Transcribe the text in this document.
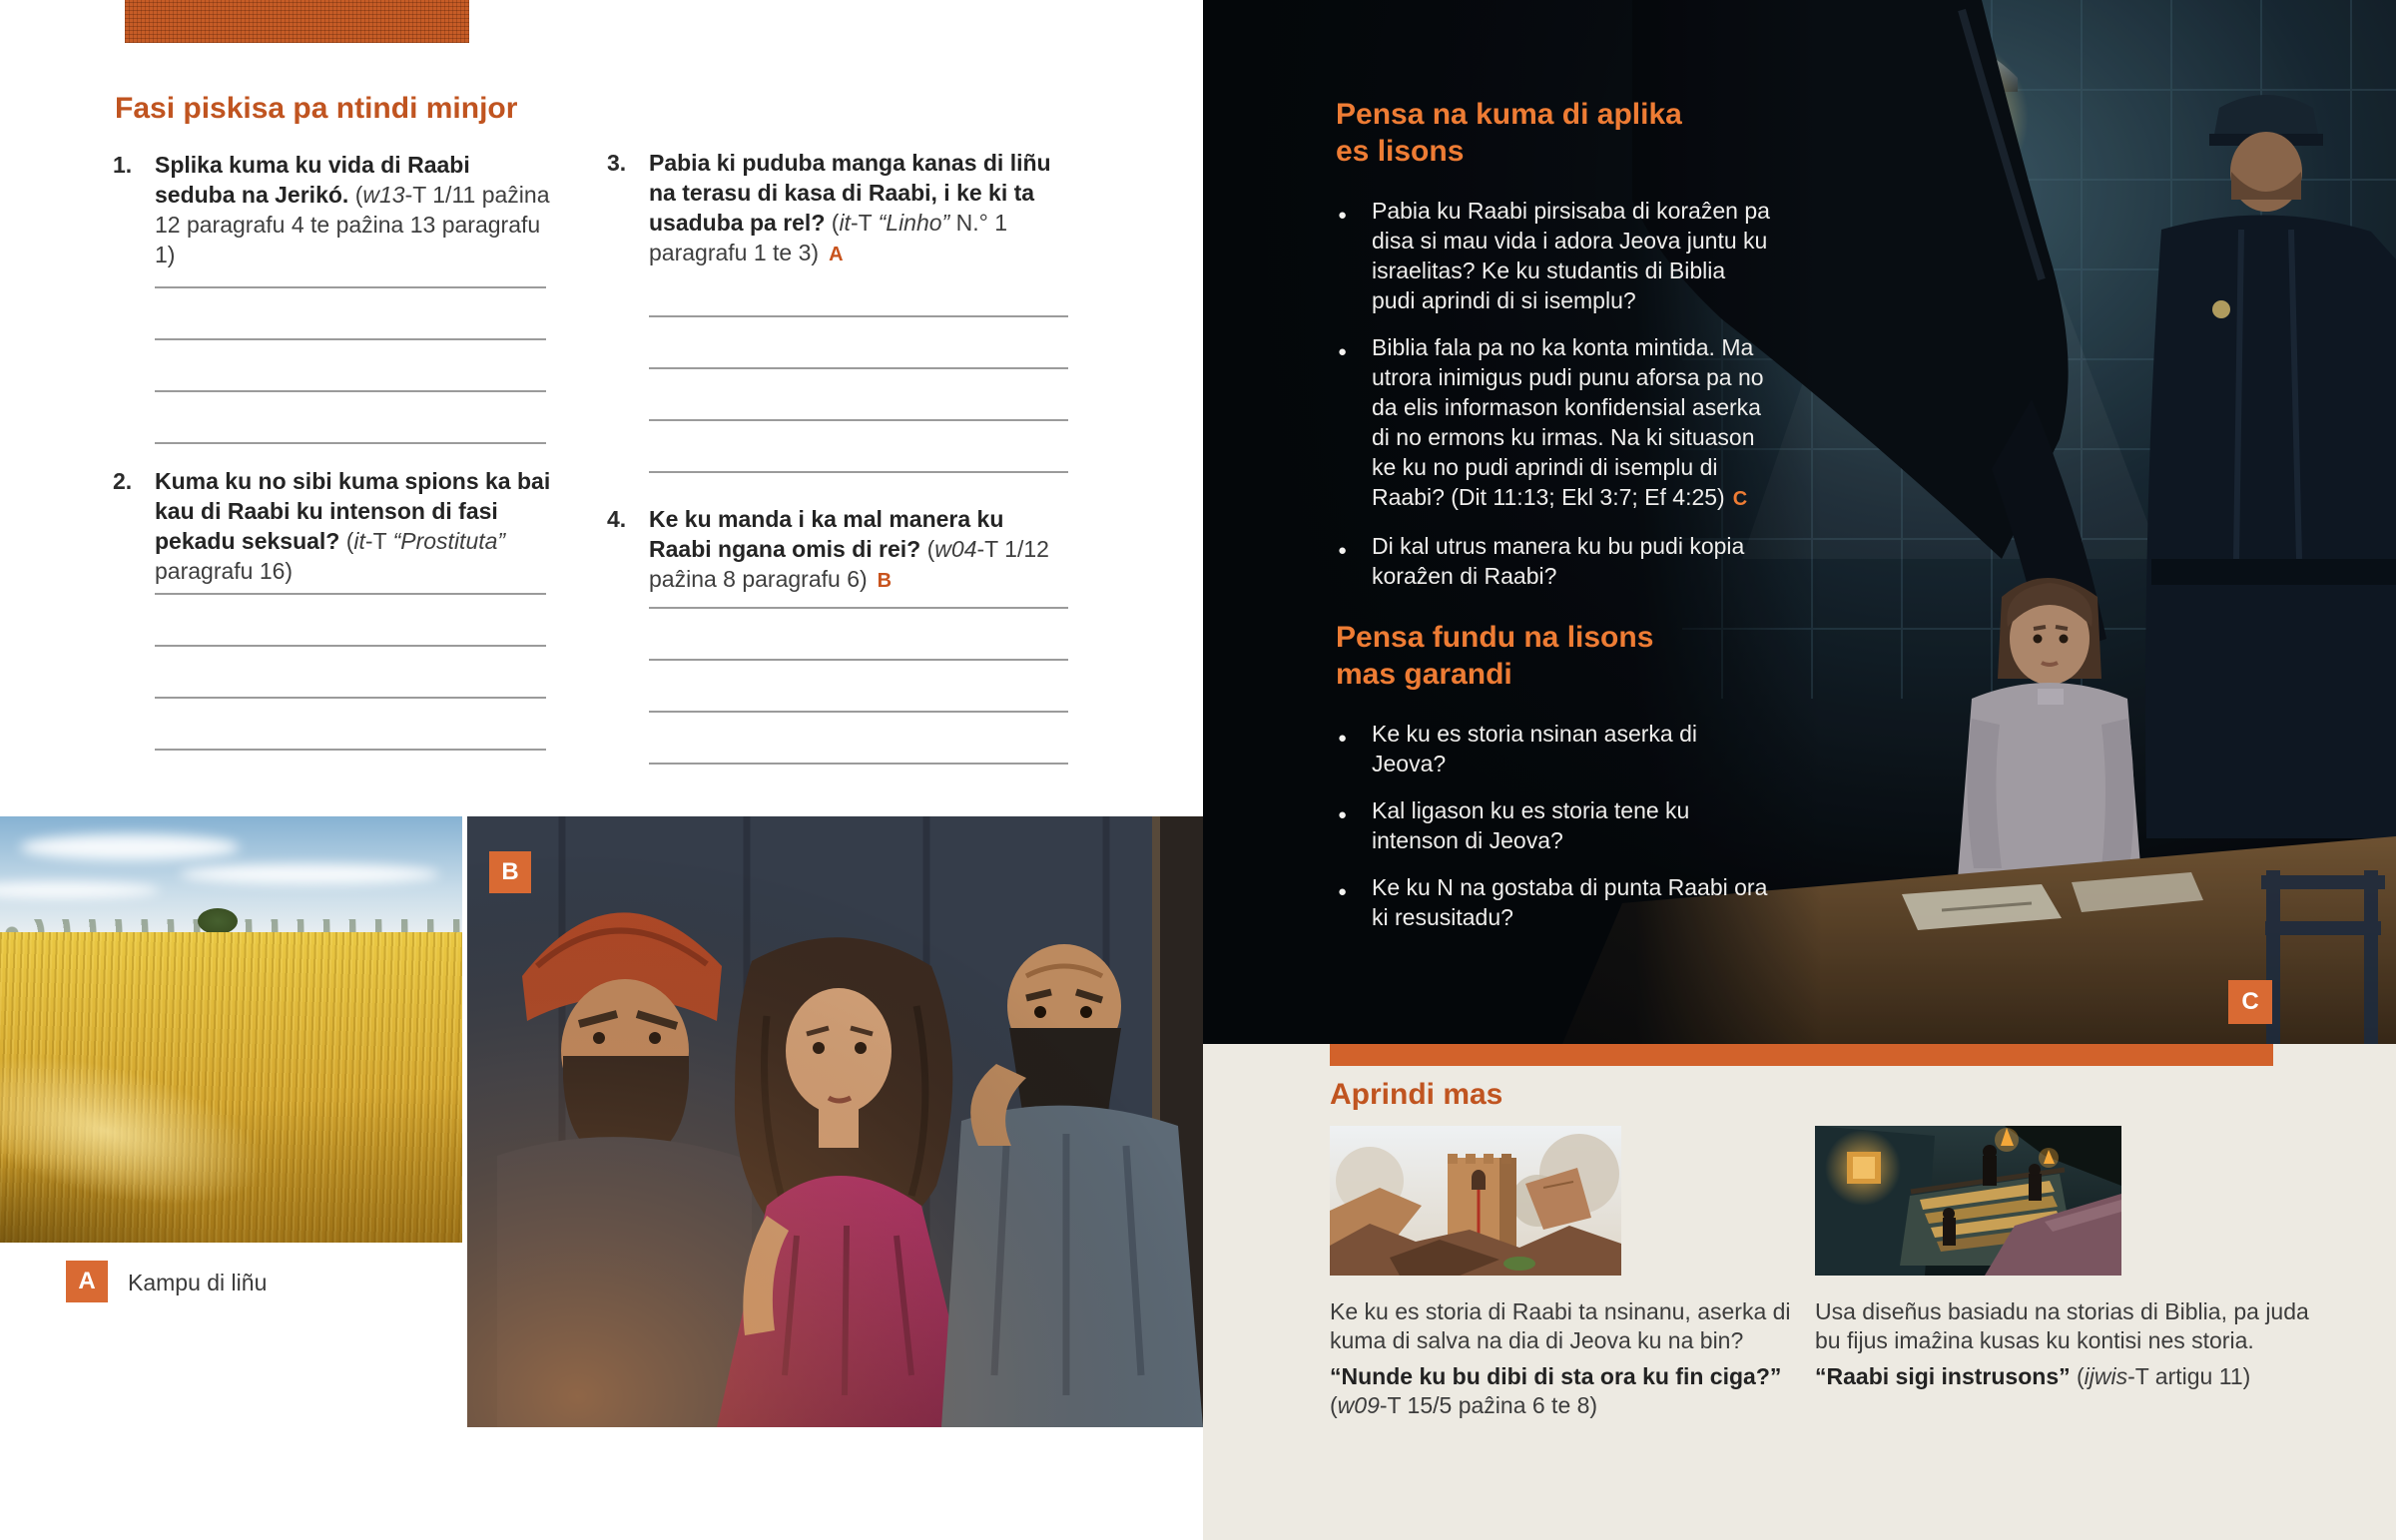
Fasi piskisa pa ntindi minjor
1. Splika kuma ku vida di Raabi seduba na Jerikó. (w13-T 1/11 paẑina 12 paragrafu 4 te paẑina 13 paragrafu 1)
2. Kuma ku no sibi kuma spions ka bai kau di Raabi ku intenson di fasi pekadu seksual? (it-T “Prostituta” paragrafu 16)
3. Pabia ki puduba manga kanas di liñu na terasu di kasa di Raabi, i ke ki ta usaduba pa rel? (it-T “Linho” N.° 1 paragrafu 1 te 3) A
4. Ke ku manda i ka mal manera ku Raabi ngana omis di rei? (w04-T 1/12 paẑina 8 paragrafu 6) B
A	Kampu di liñu
B
Pensa na kuma di aplika es lisons
● Pabia ku Raabi pirsisaba di koraẑen pa disa si mau vida i adora Jeova juntu ku israelitas? Ke ku studantis di Biblia pudi aprindi di si isemplu?
● Biblia fala pa no ka konta mintida. Ma utrora inimigus pudi punu aforsa pa no da elis informason konfidensial aserka di no ermons ku irmas. Na ki situason ke ku no pudi aprindi di isemplu di Raabi? (Dit 11:13; Ekl 3:7; Ef 4:25) C
● Di kal utrus manera ku bu pudi kopia koraẑen di Raabi?
Pensa fundu na lisons mas garandi
● Ke ku es storia nsinan aserka di Jeova?
● Kal ligason ku es storia tene ku intenson di Jeova?
● Ke ku N na gostaba di punta Raabi ora ki resusitadu?
C
Aprindi mas
Ke ku es storia di Raabi ta nsinanu, aserka di kuma di salva na dia di Jeova ku na bin?
“Nunde ku bu dibi di sta ora ku fin ciga?” (w09-T 15/5 paẑina 6 te 8)
Usa diseñus basiadu na storias di Biblia, pa juda bu fijus imaẑina kusas ku kontisi nes storia.
“Raabi sigi instrusons” (ijwis-T artigu 11)
